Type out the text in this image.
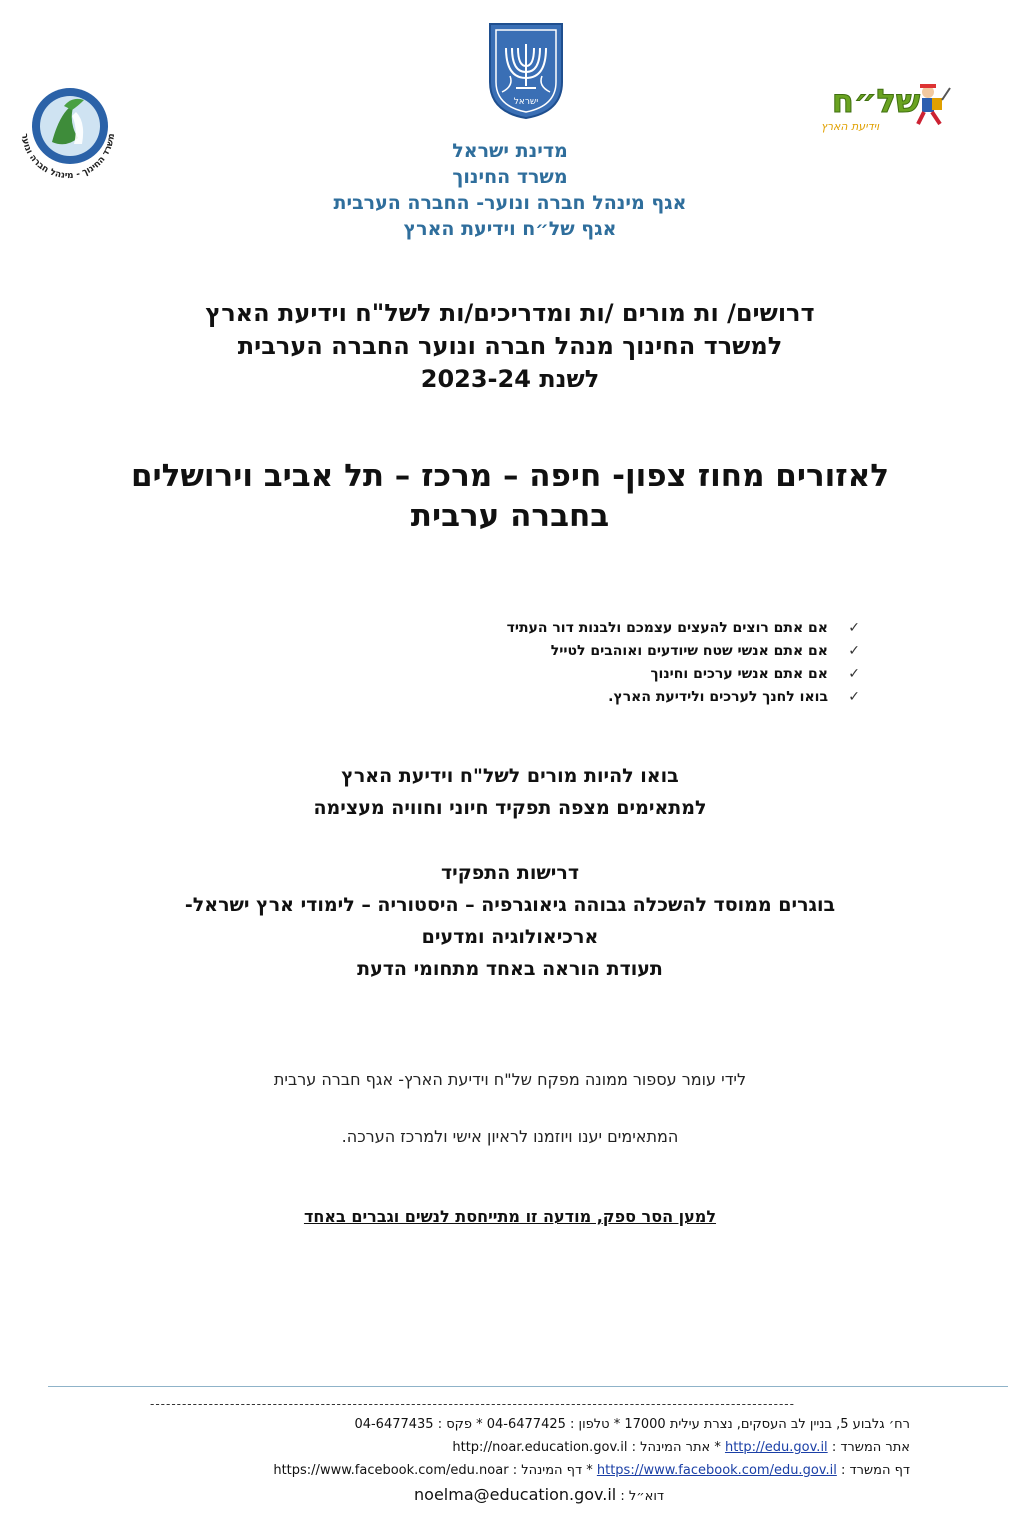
משרד החינוך - מינהל חברה ונוער
ישראל	של״ח
וידיעת הארץ
מדינת ישראל
משרד החינוך
אגף מינהל חברה ונוער- החברה הערבית
אגף של״ח וידיעת הארץ
דרושים/ ות מורים /ות ומדריכים/ות לשל"ח וידיעת הארץ
למשרד החינוך מנהל חברה ונוער החברה הערבית
לשנת 2023-24
לאזורים מחוז צפון- חיפה – מרכז – תל אביב וירושלים
בחברה ערבית
✓אם אתם רוצים להעצים עצמכם ולבנות דור העתיד
✓אם אתם אנשי שטח שיודעים ואוהבים לטייל
✓אם אתם אנשי ערכים וחינוך
✓בואו לחנך לערכים ולידיעת הארץ.
בואו להיות מורים לשל"ח וידיעת הארץ
למתאימים מצפה תפקיד חיוני וחוויה מעצימה
דרישות התפקיד
בוגרים ממוסד להשכלה גבוהה גיאוגרפיה – היסטוריה – לימודי ארץ ישראל-
ארכיאולוגיה ומדעים
תעודת הוראה באחד מתחומי הדעת
לידי עומר עספור ממונה מפקח של"ח וידיעת הארץ- אגף חברה ערבית
המתאימים יענו ויוזמנו לראיון אישי ולמרכז הערכה.
למען הסר ספק, מודעה זו מתייחסת לנשים וגברים באחד
-------------------------------------------------------------------------------------------------------------------------
רח׳ גלבוע 5, בניין לב העסקים, נצרת עילית 17000 * טלפון : 04-6477425 * פקס : 04-6477435
אתר המשרד : http://edu.gov.il * אתר המינהל : http://noar.education.gov.il
דף המשרד : https://www.facebook.com/edu.gov.il * דף המינהל : https://www.facebook.com/edu.noar
דוא״ל : noelma@education.gov.il
